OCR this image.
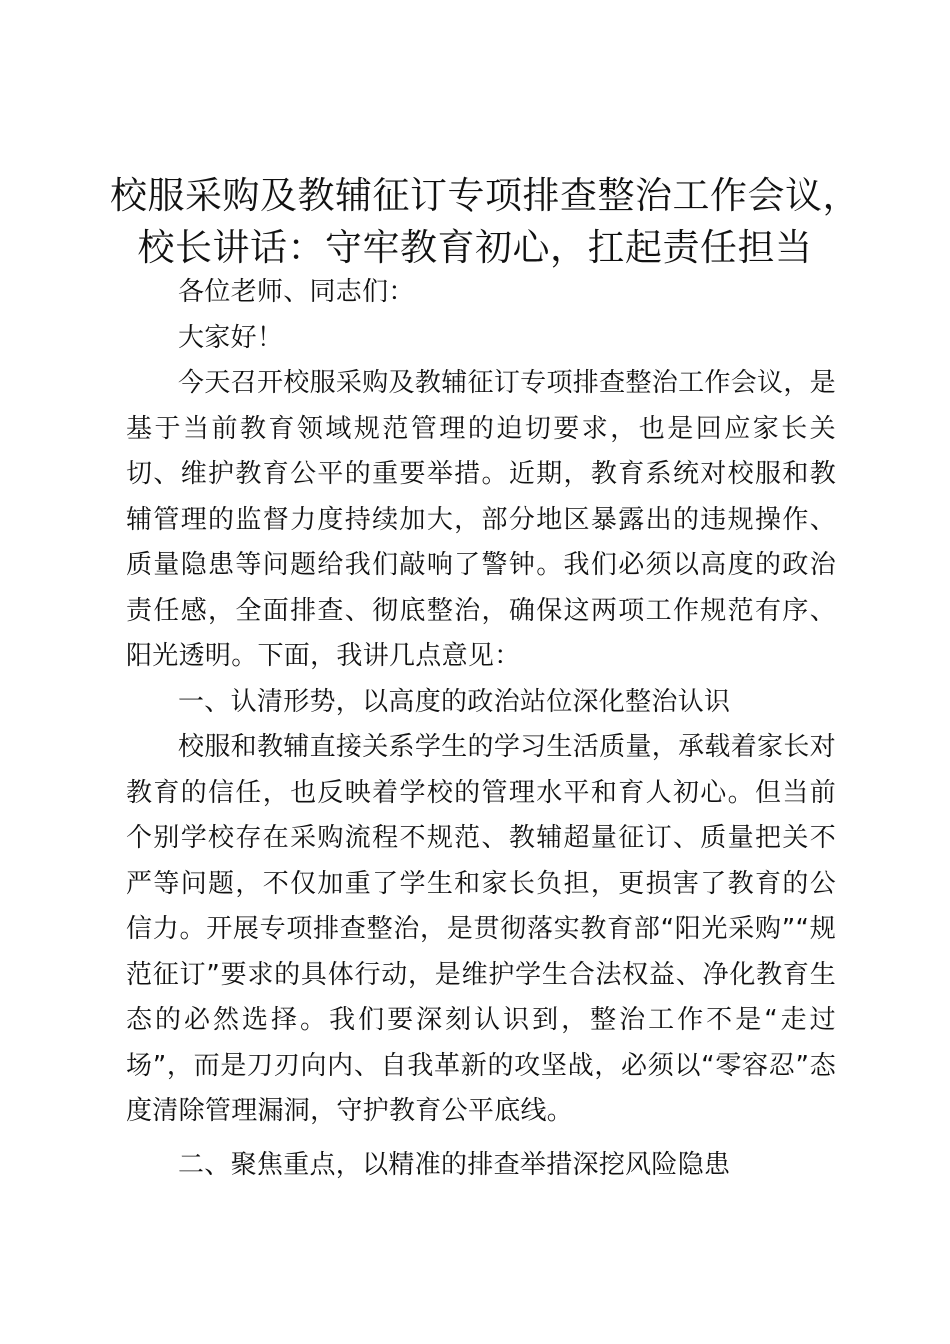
校服采购及教辅征订专项排查整治工作会议，
校长讲话：守牢教育初心，扛起责任担当

各位老师、同志们：

大家好！

今天召开校服采购及教辅征订专项排查整治工作会议，是基于当前教育领域规范管理的迫切要求，也是回应家长关切、维护教育公平的重要举措。近期，教育系统对校服和教辅管理的监督力度持续加大，部分地区暴露出的违规操作、质量隐患等问题给我们敲响了警钟。我们必须以高度的政治责任感，全面排查、彻底整治，确保这两项工作规范有序、阳光透明。下面，我讲几点意见：

一、认清形势，以高度的政治站位深化整治认识

校服和教辅直接关系学生的学习生活质量，承载着家长对教育的信任，也反映着学校的管理水平和育人初心。但当前个别学校存在采购流程不规范、教辅超量征订、质量把关不严等问题，不仅加重了学生和家长负担，更损害了教育的公信力。开展专项排查整治，是贯彻落实教育部“阳光采购”“规范征订”要求的具体行动，是维护学生合法权益、净化教育生态的必然选择。我们要深刻认识到，整治工作不是“走过场”，而是刀刃向内、自我革新的攻坚战，必须以“零容忍”态度清除管理漏洞，守护教育公平底线。

二、聚焦重点，以精准的排查举措深挖风险隐患
